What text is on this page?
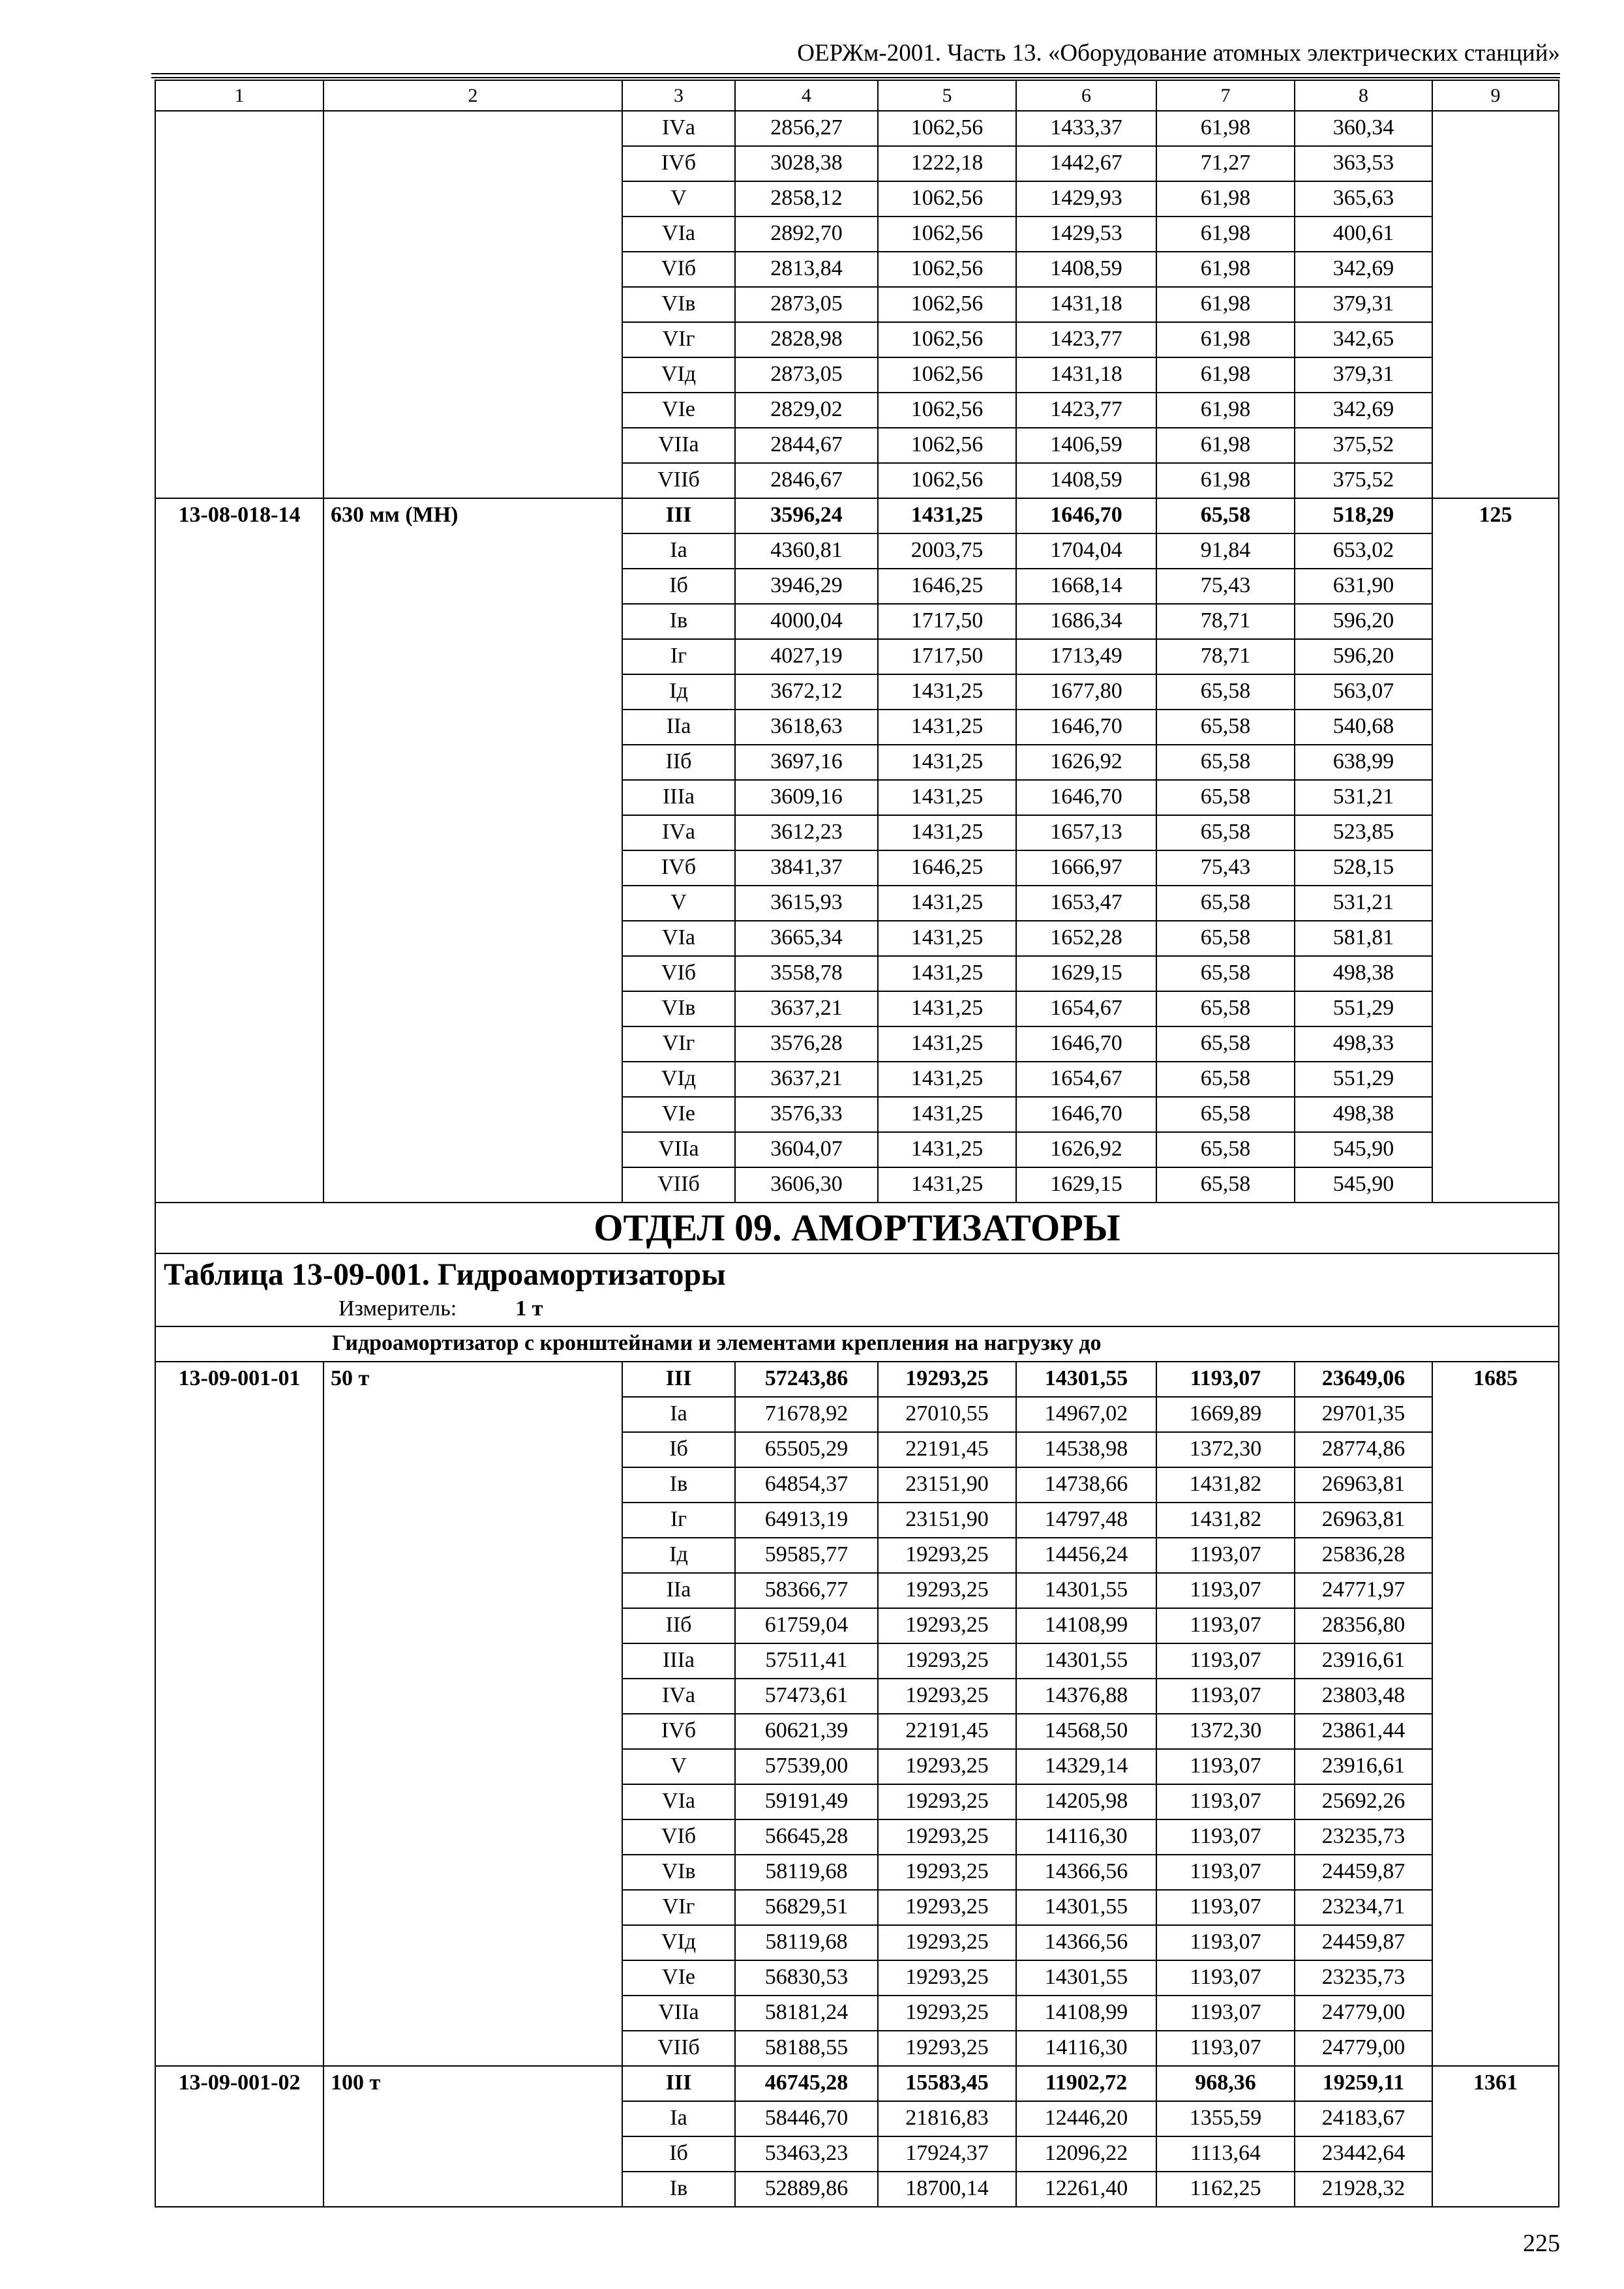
ОЕРЖм-2001. Часть 13. «Оборудование атомных электрических станций»
1	2	3	4	5	6	7	8	9
		IVа	2856,27	1062,56	1433,37	61,98	360,34	
		IVб	3028,38	1222,18	1442,67	71,27	363,53	
		V	2858,12	1062,56	1429,93	61,98	365,63	
		VIа	2892,70	1062,56	1429,53	61,98	400,61	
		VIб	2813,84	1062,56	1408,59	61,98	342,69	
		VIв	2873,05	1062,56	1431,18	61,98	379,31	
		VIг	2828,98	1062,56	1423,77	61,98	342,65	
		VIд	2873,05	1062,56	1431,18	61,98	379,31	
		VIе	2829,02	1062,56	1423,77	61,98	342,69	
		VIIа	2844,67	1062,56	1406,59	61,98	375,52	
		VIIб	2846,67	1062,56	1408,59	61,98	375,52	
13-08-018-14	630 мм (МН)	III	3596,24	1431,25	1646,70	65,58	518,29	125
		Iа	4360,81	2003,75	1704,04	91,84	653,02	
		Iб	3946,29	1646,25	1668,14	75,43	631,90	
		Iв	4000,04	1717,50	1686,34	78,71	596,20	
		Iг	4027,19	1717,50	1713,49	78,71	596,20	
		Iд	3672,12	1431,25	1677,80	65,58	563,07	
		IIа	3618,63	1431,25	1646,70	65,58	540,68	
		IIб	3697,16	1431,25	1626,92	65,58	638,99	
		IIIа	3609,16	1431,25	1646,70	65,58	531,21	
		IVа	3612,23	1431,25	1657,13	65,58	523,85	
		IVб	3841,37	1646,25	1666,97	75,43	528,15	
		V	3615,93	1431,25	1653,47	65,58	531,21	
		VIа	3665,34	1431,25	1652,28	65,58	581,81	
		VIб	3558,78	1431,25	1629,15	65,58	498,38	
		VIв	3637,21	1431,25	1654,67	65,58	551,29	
		VIг	3576,28	1431,25	1646,70	65,58	498,33	
		VIд	3637,21	1431,25	1654,67	65,58	551,29	
		VIе	3576,33	1431,25	1646,70	65,58	498,38	
		VIIа	3604,07	1431,25	1626,92	65,58	545,90	
		VIIб	3606,30	1431,25	1629,15	65,58	545,90	
ОТДЕЛ 09. АМОРТИЗАТОРЫ								

Таблица 13-09-001. Гидроамортизаторы
Измеритель: 1 т								

Гидроамортизатор с кронштейнами и элементами крепления на нагрузку до								
13-09-001-01	50 т	III	57243,86	19293,25	14301,55	1193,07	23649,06	1685
		Iа	71678,92	27010,55	14967,02	1669,89	29701,35	
		Iб	65505,29	22191,45	14538,98	1372,30	28774,86	
		Iв	64854,37	23151,90	14738,66	1431,82	26963,81	
		Iг	64913,19	23151,90	14797,48	1431,82	26963,81	
		Iд	59585,77	19293,25	14456,24	1193,07	25836,28	
		IIа	58366,77	19293,25	14301,55	1193,07	24771,97	
		IIб	61759,04	19293,25	14108,99	1193,07	28356,80	
		IIIа	57511,41	19293,25	14301,55	1193,07	23916,61	
		IVа	57473,61	19293,25	14376,88	1193,07	23803,48	
		IVб	60621,39	22191,45	14568,50	1372,30	23861,44	
		V	57539,00	19293,25	14329,14	1193,07	23916,61	
		VIа	59191,49	19293,25	14205,98	1193,07	25692,26	
		VIб	56645,28	19293,25	14116,30	1193,07	23235,73	
		VIв	58119,68	19293,25	14366,56	1193,07	24459,87	
		VIг	56829,51	19293,25	14301,55	1193,07	23234,71	
		VIд	58119,68	19293,25	14366,56	1193,07	24459,87	
		VIе	56830,53	19293,25	14301,55	1193,07	23235,73	
		VIIа	58181,24	19293,25	14108,99	1193,07	24779,00	
		VIIб	58188,55	19293,25	14116,30	1193,07	24779,00	
13-09-001-02	100 т	III	46745,28	15583,45	11902,72	968,36	19259,11	1361
		Iа	58446,70	21816,83	12446,20	1355,59	24183,67	
		Iб	53463,23	17924,37	12096,22	1113,64	23442,64	
		Iв	52889,86	18700,14	12261,40	1162,25	21928,32	
225
